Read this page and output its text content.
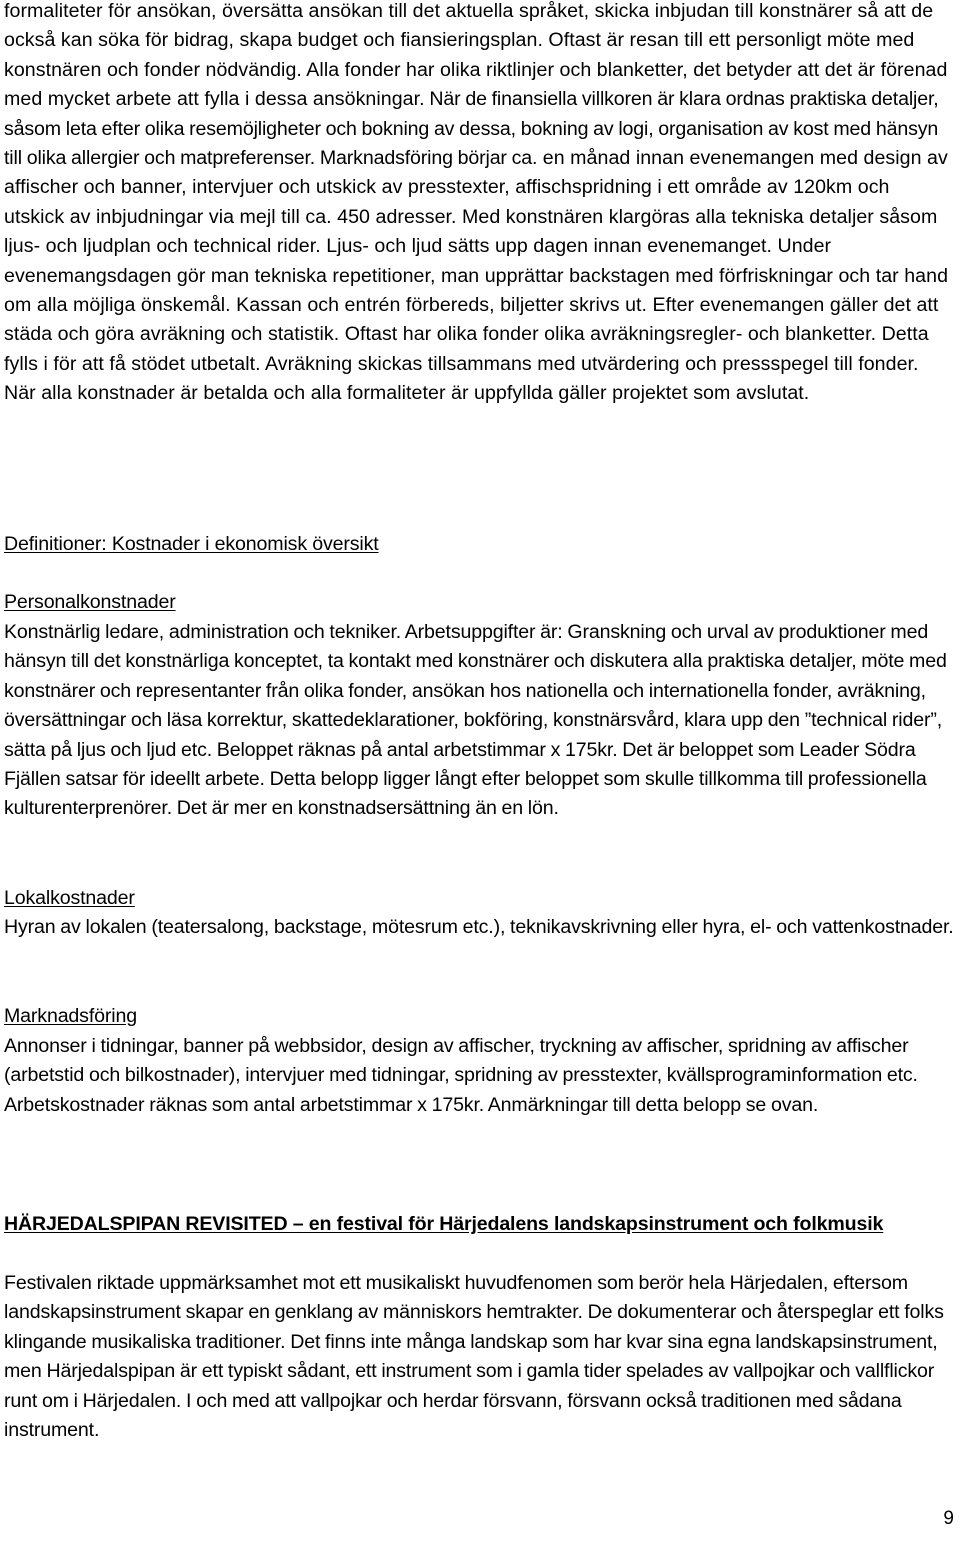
formaliteter för ansökan, översätta ansökan till det aktuella språket, skicka inbjudan till konstnärer så att de också kan söka för bidrag, skapa budget och fiansieringsplan. Oftast är resan till ett personligt möte med konstnären och fonder nödvändig. Alla fonder har olika riktlinjer och blanketter, det betyder att det är förenad med mycket arbete att fylla i dessa ansökningar. När de finansiella villkoren är klara ordnas praktiska detaljer, såsom leta efter olika resemöjligheter och bokning av dessa, bokning av logi, organisation av kost med hänsyn till olika allergier och matpreferenser. Marknadsföring börjar ca. en månad innan evenemangen med design av affischer och banner, intervjuer och utskick av presstexter, affischspridning i ett område av 120km och utskick av inbjudningar via mejl till ca. 450 adresser. Med konstnären klargöras alla tekniska detaljer såsom ljus- och ljudplan och technical rider. Ljus- och ljud sätts upp dagen innan evenemanget. Under evenemangsdagen gör man tekniska repetitioner, man upprättar backstagen med förfriskningar och tar hand om alla möjliga önskemål. Kassan och entrén förbereds, biljetter skrivs ut. Efter evenemangen gäller det att städa och göra avräkning och statistik. Oftast har olika fonder olika avräkningsregler- och blanketter. Detta fylls i för att få stödet utbetalt. Avräkning skickas tillsammans med utvärdering och pressspegel till fonder. När alla konstnader är betalda och alla formaliteter är uppfyllda gäller projektet som avslutat.

Definitioner: Kostnader i ekonomisk översikt

Personalkonstnader

Konstnärlig ledare, administration och tekniker. Arbetsuppgifter är: Granskning och urval av produktioner med hänsyn till det konstnärliga konceptet, ta kontakt med konstnärer och diskutera alla praktiska detaljer, möte med konstnärer och representanter från olika fonder, ansökan hos nationella och internationella fonder, avräkning, översättningar och läsa korrektur, skattedeklarationer, bokföring, konstnärsvård, klara upp den ”technical rider”, sätta på ljus och ljud etc. Beloppet räknas på antal arbetstimmar x 175kr. Det är beloppet som Leader Södra Fjällen satsar för ideellt arbete. Detta belopp ligger långt efter beloppet som skulle tillkomma till professionella kulturenterprenörer. Det är mer en konstnadsersättning än en lön.

Lokalkostnader

Hyran av lokalen (teatersalong, backstage, mötesrum etc.), teknikavskrivning eller hyra, el- och vattenkostnader.

Marknadsföring

Annonser i tidningar, banner på webbsidor, design av affischer, tryckning av affischer, spridning av affischer (arbetstid och bilkostnader), intervjuer med tidningar, spridning av presstexter, kvällsprograminformation etc. Arbetskostnader räknas som antal arbetstimmar x 175kr. Anmärkningar till detta belopp se ovan.

HÄRJEDALSPIPAN REVISITED – en festival för Härjedalens landskapsinstrument och folkmusik

Festivalen riktade uppmärksamhet mot ett musikaliskt huvudfenomen som berör hela Härjedalen, eftersom landskapsinstrument skapar en genklang av människors hemtrakter. De dokumenterar och återspeglar ett folks klingande musikaliska traditioner. Det finns inte många landskap som har kvar sina egna landskapsinstrument, men Härjedalspipan är ett typiskt sådant, ett instrument som i gamla tider spelades av vallpojkar och vallflickor runt om i Härjedalen. I och med att vallpojkar och herdar försvann, försvann också traditionen med sådana instrument.

9
